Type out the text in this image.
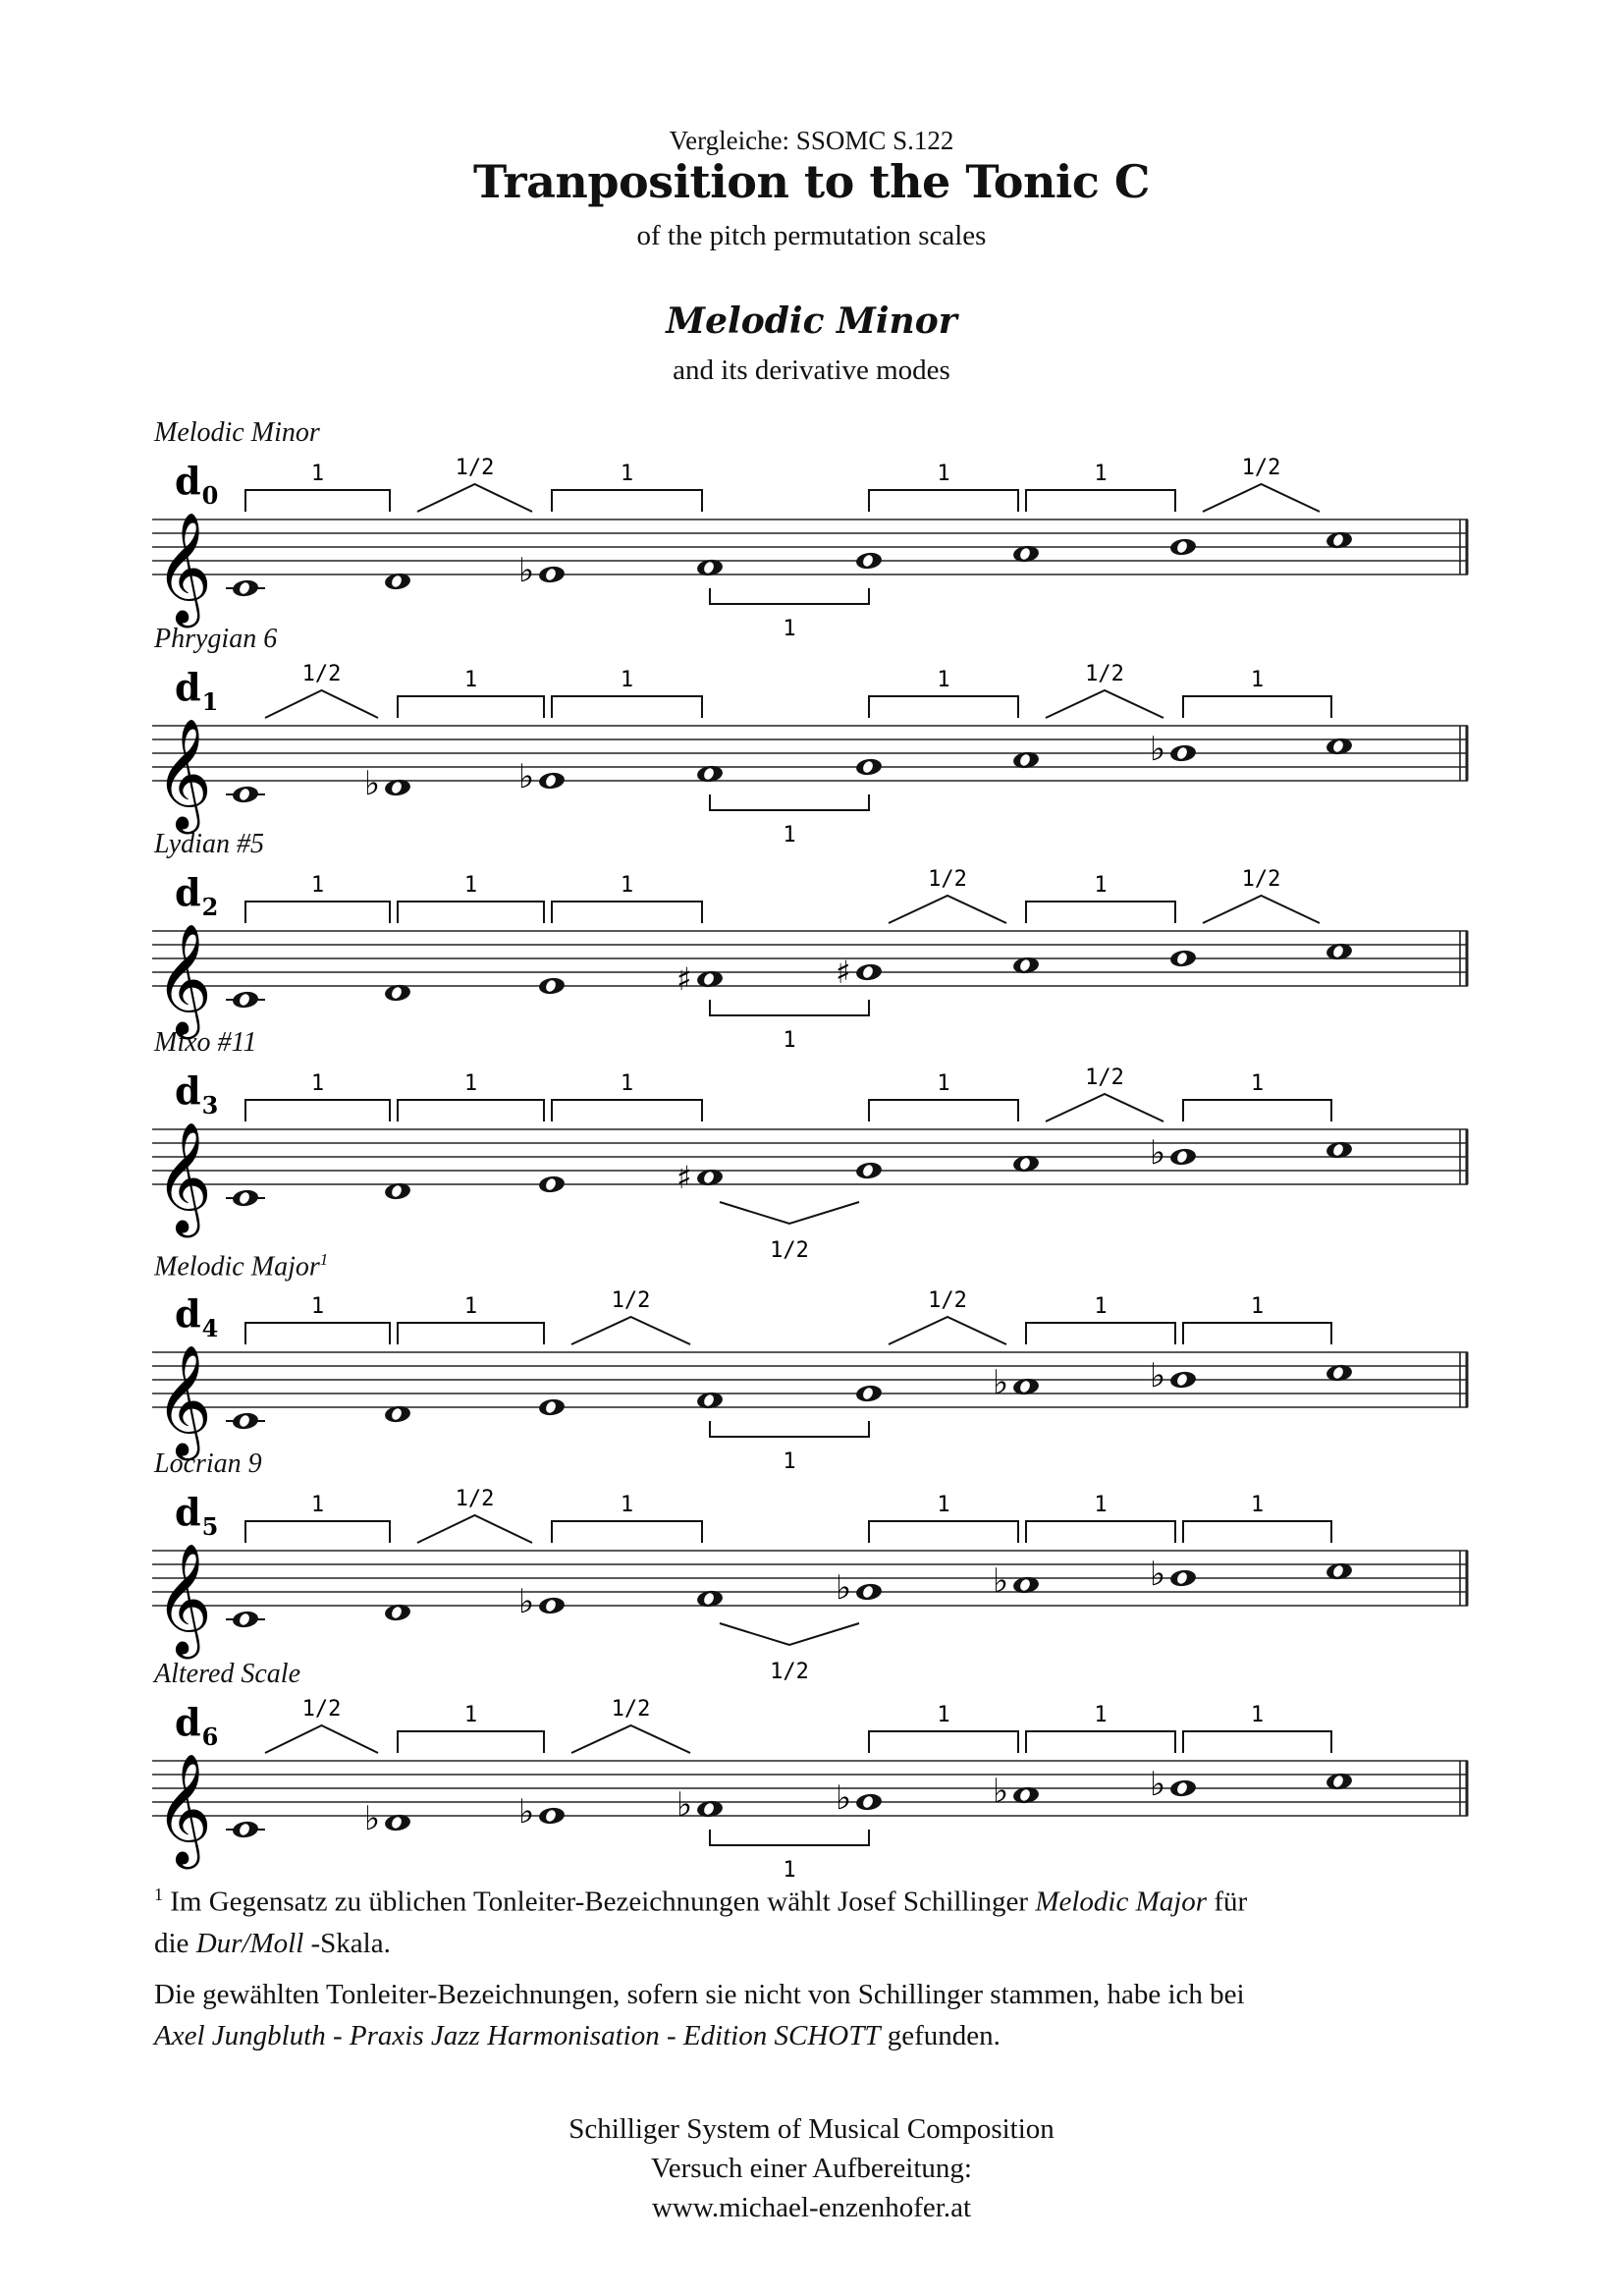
Vergleiche: SSOMC S.122
Tranposition to the Tonic C
of the pitch permutation scales
Melodic Minor
and its derivative modes
Melodic Minor
Phrygian 6
Lydian #5
Mixo #11
Melodic Major$^1$
Locrian 9
Altered Scale
𝄞
$d_0$
♭
1	1/2	1
1
1	1	1/2
𝄞
$d_1$
♭	♭
♭
1/2	1	1
1
1	1/2	1
𝄞
$d_2$
♯	♯
1	1	1
1
1/2	1	1/2
𝄞
$d_3$
♯
♭
1	1	1
1/2
1	1/2	1
𝄞
$d_4$
♭	♭
1	1	1/2
1
1/2	1	1
𝄞
$d_5$
♭	♭	♭	♭
1	1/2	1
1/2
1	1	1
𝄞
$d_6$
♭	♭	♭	♭	♭	♭
1/2	1	1/2
1
1	1	1
$^1$ Im Gegensatz zu üblichen Tonleiter-Bezeichnungen wählt Josef Schillinger Melodic Major für
die Dur/Moll -Skala.
Die gewählten Tonleiter-Bezeichnungen, sofern sie nicht von Schillinger stammen, habe ich bei
Axel Jungbluth - Praxis Jazz Harmonisation - Edition SCHOTT gefunden.
Schilliger System of Musical Composition
Versuch einer Aufbereitung:
www.michael-enzenhofer.at
